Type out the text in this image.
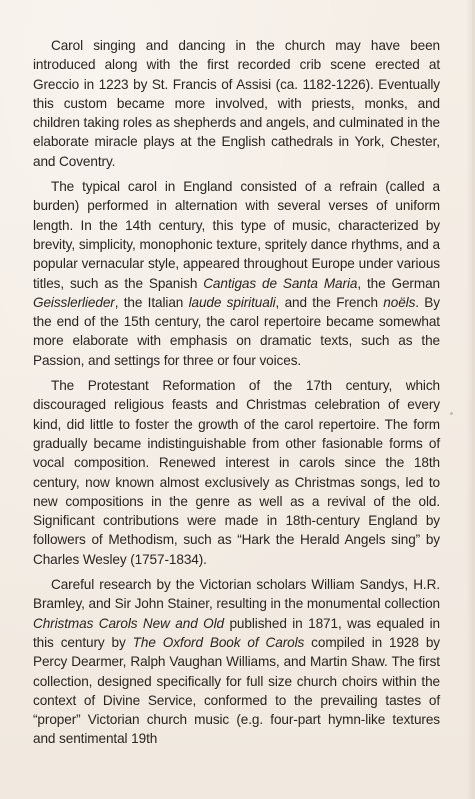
Carol singing and dancing in the church may have been introduced along with the first recorded crib scene erected at Greccio in 1223 by St. Francis of Assisi (ca. 1182-1226). Eventually this custom became more involved, with priests, monks, and children taking roles as shepherds and angels, and culminated in the elaborate miracle plays at the English cathedrals in York, Chester, and Coventry.

The typical carol in England consisted of a refrain (called a burden) performed in alternation with several verses of uniform length. In the 14th century, this type of music, characterized by brevity, simplicity, monophonic texture, spritely dance rhythms, and a popular vernacular style, appeared throughout Europe under various titles, such as the Spanish Cantigas de Santa Maria, the German Geisslerlieder, the Italian laude spirituali, and the French noëls. By the end of the 15th century, the carol repertoire became somewhat more elaborate with emphasis on dramatic texts, such as the Passion, and settings for three or four voices.

The Protestant Reformation of the 17th century, which discouraged religious feasts and Christmas celebration of every kind, did little to foster the growth of the carol repertoire. The form gradually became indistinguishable from other fasionable forms of vocal composition. Renewed interest in carols since the 18th century, now known almost exclusively as Christmas songs, led to new compositions in the genre as well as a revival of the old. Significant contributions were made in 18th-century England by followers of Methodism, such as “Hark the Herald Angels sing” by Charles Wesley (1757-1834).

Careful research by the Victorian scholars William Sandys, H.R. Bramley, and Sir John Stainer, resulting in the monumental collection Christmas Carols New and Old published in 1871, was equaled in this century by The Oxford Book of Carols compiled in 1928 by Percy Dearmer, Ralph Vaughan Williams, and Martin Shaw. The first collection, designed specifically for full size church choirs within the context of Divine Service, conformed to the prevailing tastes of “proper” Victorian church music (e.g. four-part hymn-like textures and sentimental 19th
